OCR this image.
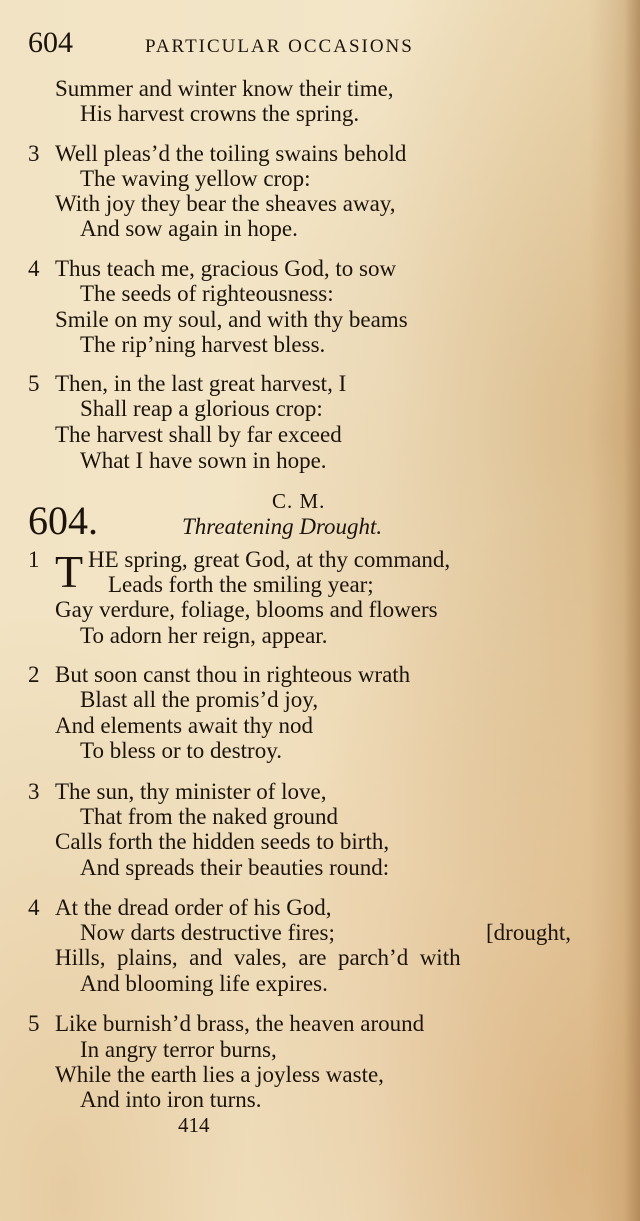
604	PARTICULAR OCCASIONS
Summer and winter know their time,
His harvest crowns the spring.
3 Well pleas’d the toiling swains behold
The waving yellow crop:
With joy they bear the sheaves away,
And sow again in hope.
4 Thus teach me, gracious God, to sow
The seeds of righteousness:
Smile on my soul, and with thy beams
The rip’ning harvest bless.
5 Then, in the last great harvest, I
Shall reap a glorious crop:
The harvest shall by far exceed
What I have sown in hope.
604.	C. M.
Threatening Drought.
1 T HE spring, great God, at thy command,
Leads forth the smiling year;
Gay verdure, foliage, blooms and flowers
To adorn her reign, appear.
2 But soon canst thou in righteous wrath
Blast all the promis’d joy,
And elements await thy nod
To bless or to destroy.
3 The sun, thy minister of love,
That from the naked ground
Calls forth the hidden seeds to birth,
And spreads their beauties round:
4 At the dread order of his God,
Now darts destructive fires;	[drought,
Hills,  plains,  and  vales,  are  parch’d  with
And blooming life expires.
5 Like burnish’d brass, the heaven around
In angry terror burns,
While the earth lies a joyless waste,
And into iron turns.
414
